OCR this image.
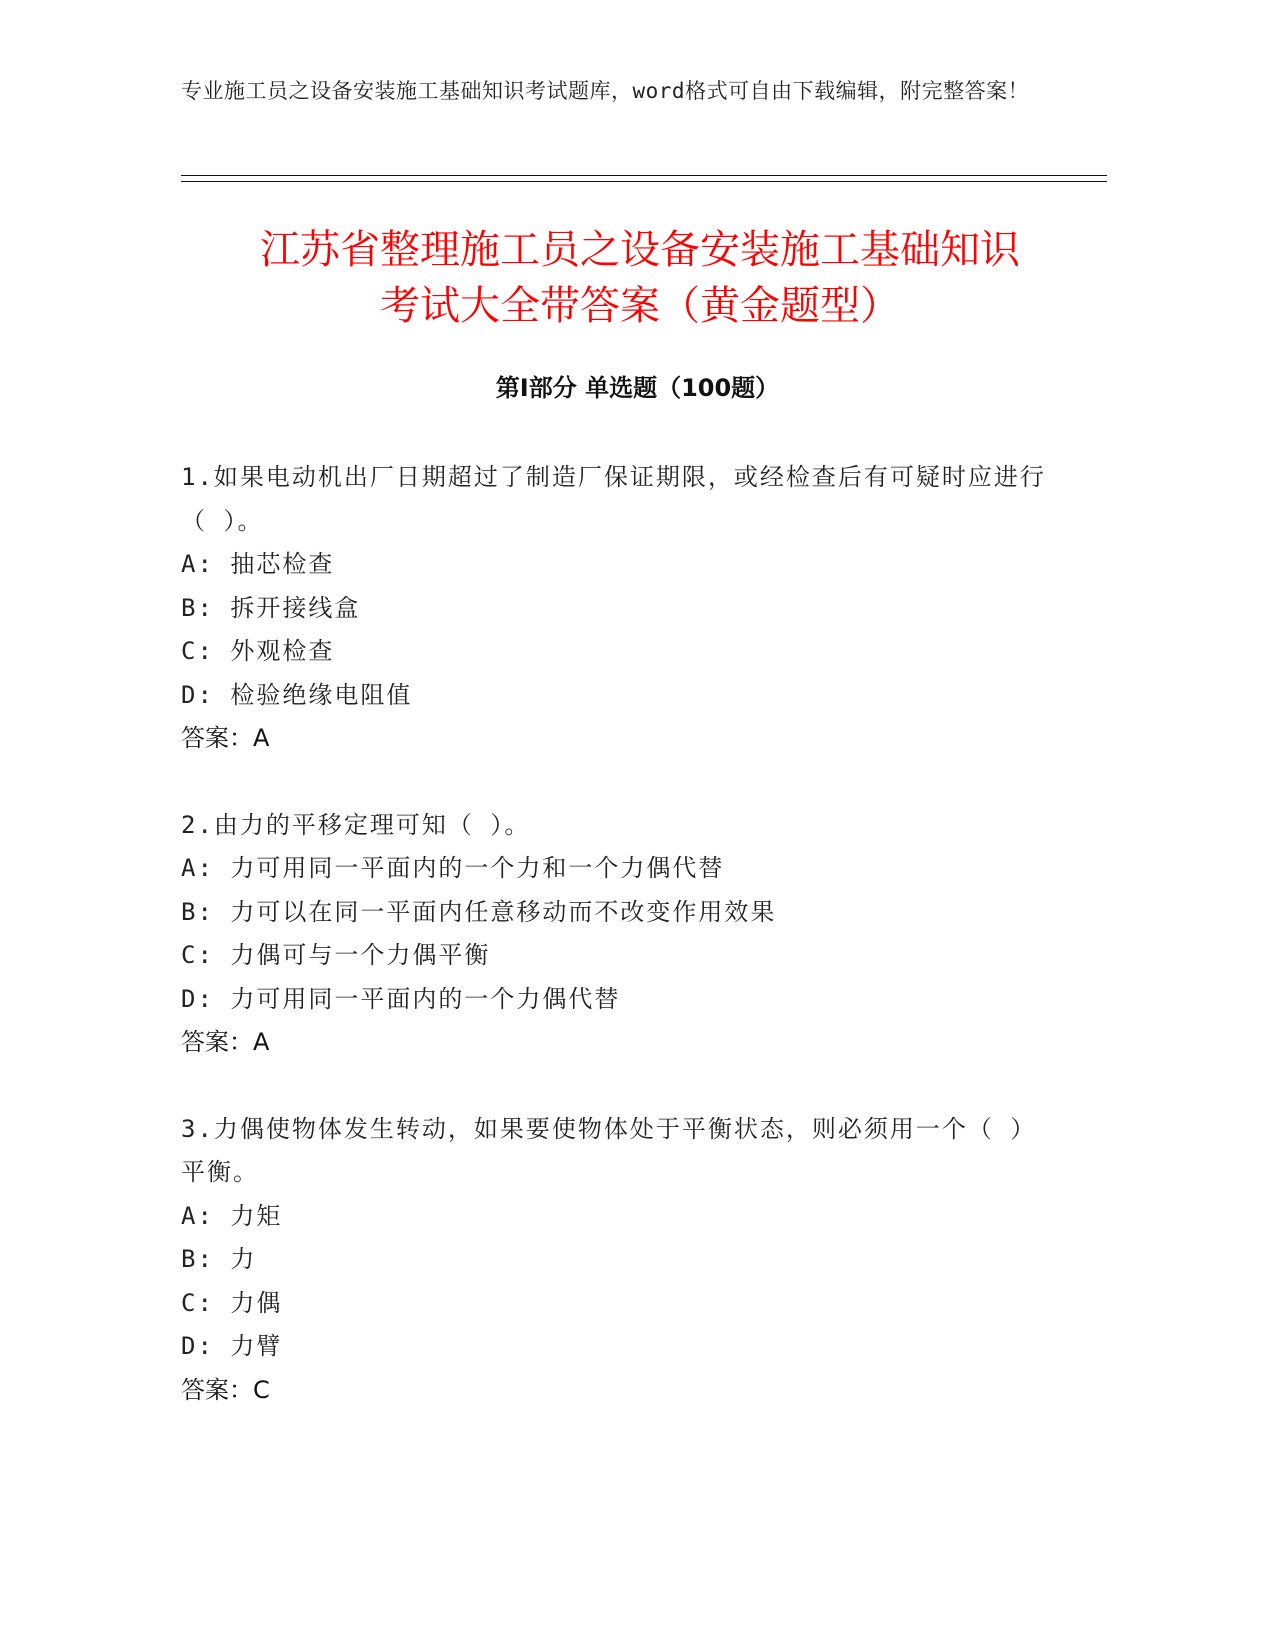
专业施工员之设备安装施工基础知识考试题库，word格式可自由下载编辑，附完整答案！
江苏省整理施工员之设备安装施工基础知识
考试大全带答案（黄金题型）
第Ⅰ部分 单选题（100题）

1.如果电动机出厂日期超过了制造厂保证期限，或经检查后有可疑时应进行（ ）。

A: 抽芯检查

B: 拆开接线盒

C: 外观检查

D: 检验绝缘电阻值

答案：A

2.由力的平移定理可知（ ）。

A: 力可用同一平面内的一个力和一个力偶代替

B: 力可以在同一平面内任意移动而不改变作用效果

C: 力偶可与一个力偶平衡

D: 力可用同一平面内的一个力偶代替

答案：A

3.力偶使物体发生转动，如果要使物体处于平衡状态，则必须用一个（ ）平衡。

A: 力矩

B: 力

C: 力偶

D: 力臂

答案：C
